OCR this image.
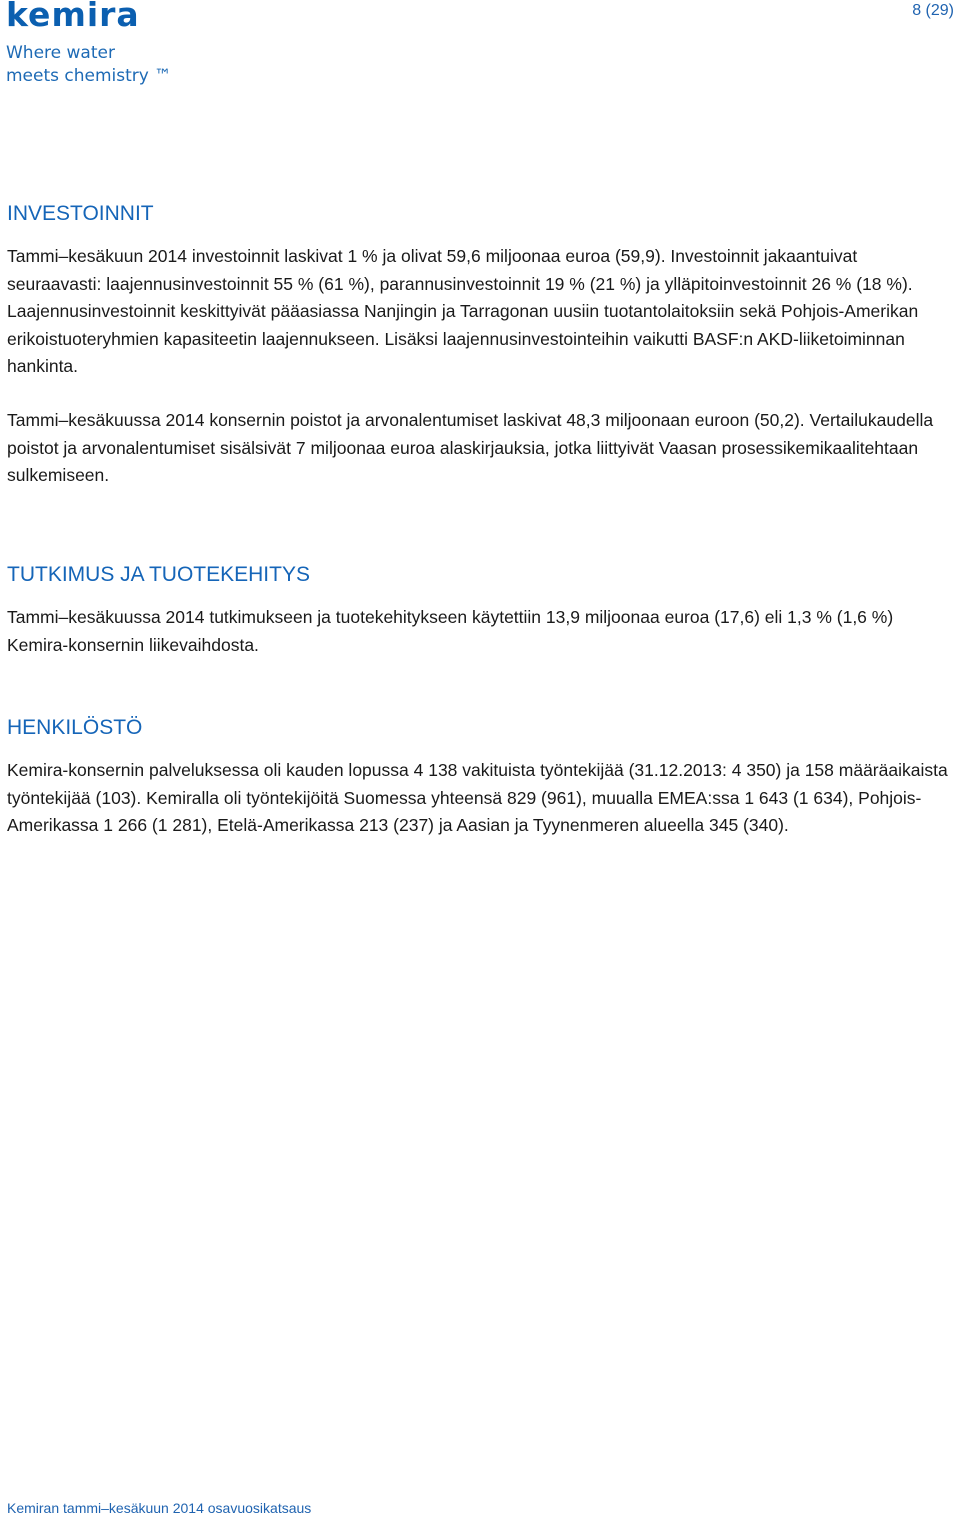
kemira
Where water
meets chemistry ™
8 (29)
INVESTOINNIT

Tammi–kesäkuun 2014 investoinnit laskivat 1 % ja olivat 59,6 miljoonaa euroa (59,9). Investoinnit jakaantuivat seuraavasti: laajennusinvestoinnit 55 % (61 %), parannusinvestoinnit 19 % (21 %) ja ylläpitoinvestoinnit 26 % (18 %). Laajennusinvestoinnit keskittyivät pääasiassa Nanjingin ja Tarragonan uusiin tuotantolaitoksiin sekä Pohjois-Amerikan erikoistuoteryhmien kapasiteetin laajennukseen. Lisäksi laajennusinvestointeihin vaikutti BASF:n AKD-liiketoiminnan hankinta.

Tammi–kesäkuussa 2014 konsernin poistot ja arvonalentumiset laskivat 48,3 miljoonaan euroon (50,2). Vertailukaudella poistot ja arvonalentumiset sisälsivät 7 miljoonaa euroa alaskirjauksia, jotka liittyivät Vaasan prosessikemikaalitehtaan sulkemiseen.

TUTKIMUS JA TUOTEKEHITYS

Tammi–kesäkuussa 2014 tutkimukseen ja tuotekehitykseen käytettiin 13,9 miljoonaa euroa (17,6) eli 1,3 % (1,6 %) Kemira-konsernin liikevaihdosta.

HENKILÖSTÖ

Kemira-konsernin palveluksessa oli kauden lopussa 4 138 vakituista työntekijää (31.12.2013: 4 350) ja 158 määräaikaista työntekijää (103). Kemiralla oli työntekijöitä Suomessa yhteensä 829 (961), muualla EMEA:ssa 1 643 (1 634), Pohjois-Amerikassa 1 266 (1 281), Etelä-Amerikassa 213 (237) ja Aasian ja Tyynenmeren alueella 345 (340).

Kemiran tammi–kesäkuun 2014 osavuosikatsaus
